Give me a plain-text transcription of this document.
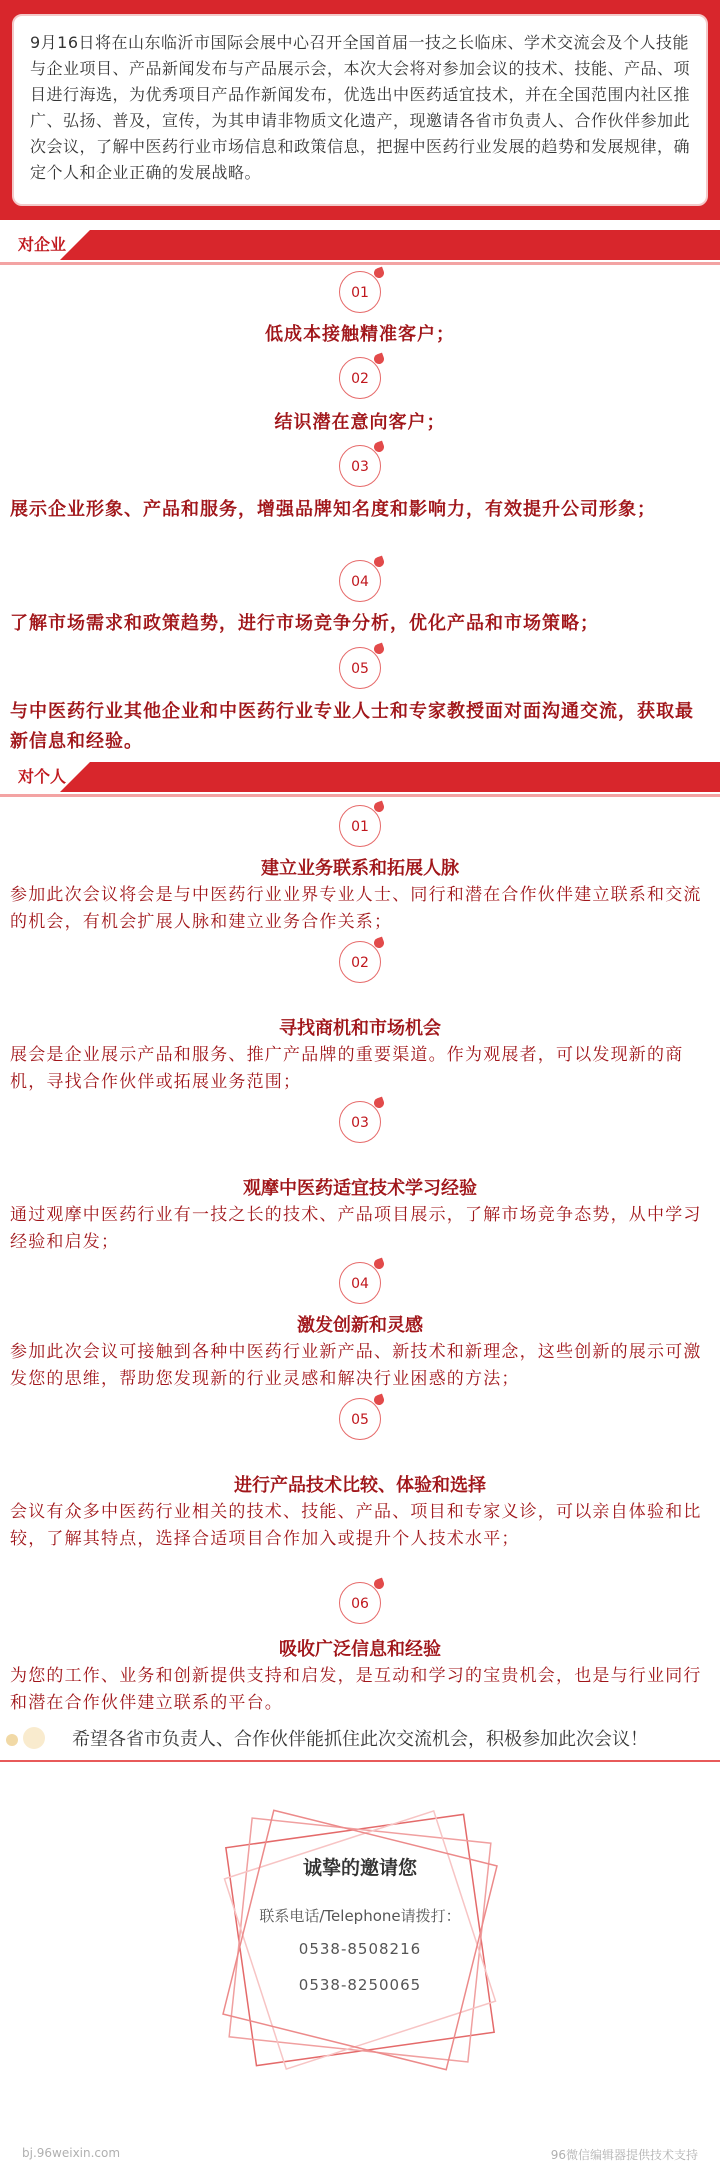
9月16日将在山东临沂市国际会展中心召开全国首届一技之长临床、学术交流会及个人技能与企业项目、产品新闻发布与产品展示会，本次大会将对参加会议的技术、技能、产品、项目进行海选，为优秀项目产品作新闻发布，优选出中医药适宜技术，并在全国范围内社区推广、弘扬、普及，宣传，为其申请非物质文化遗产，现邀请各省市负责人、合作伙伴参加此次会议，了解中医药行业市场信息和政策信息，把握中医药行业发展的趋势和发展规律，确定个人和企业正确的发展战略。
对企业
01
低成本接触精准客户；
02
结识潜在意向客户；
03
展示企业形象、产品和服务，增强品牌知名度和影响力，有效提升公司形象；
04
了解市场需求和政策趋势，进行市场竞争分析，优化产品和市场策略；
05
与中医药行业其他企业和中医药行业专业人士和专家教授面对面沟通交流，获取最新信息和经验。
对个人
01
建立业务联系和拓展人脉
参加此次会议将会是与中医药行业业界专业人士、同行和潜在合作伙伴建立联系和交流的机会，有机会扩展人脉和建立业务合作关系；
02
寻找商机和市场机会
展会是企业展示产品和服务、推广产品牌的重要渠道。作为观展者，可以发现新的商机，寻找合作伙伴或拓展业务范围；
03
观摩中医药适宜技术学习经验
通过观摩中医药行业有一技之长的技术、产品项目展示，了解市场竞争态势，从中学习经验和启发；
04
激发创新和灵感
参加此次会议可接触到各种中医药行业新产品、新技术和新理念，这些创新的展示可激发您的思维，帮助您发现新的行业灵感和解决行业困惑的方法；
05
进行产品技术比较、体验和选择
会议有众多中医药行业相关的技术、技能、产品、项目和专家义诊，可以亲自体验和比较，了解其特点，选择合适项目合作加入或提升个人技术水平；
06
吸收广泛信息和经验
为您的工作、业务和创新提供支持和启发，是互动和学习的宝贵机会，也是与行业同行和潜在合作伙伴建立联系的平台。
希望各省市负责人、合作伙伴能抓住此次交流机会，积极参加此次会议！
诚挚的邀请您
联系电话/Telephone请拨打：
0538-8508216
0538-8250065
bj.96weixin.com	96微信编辑器提供技术支持
